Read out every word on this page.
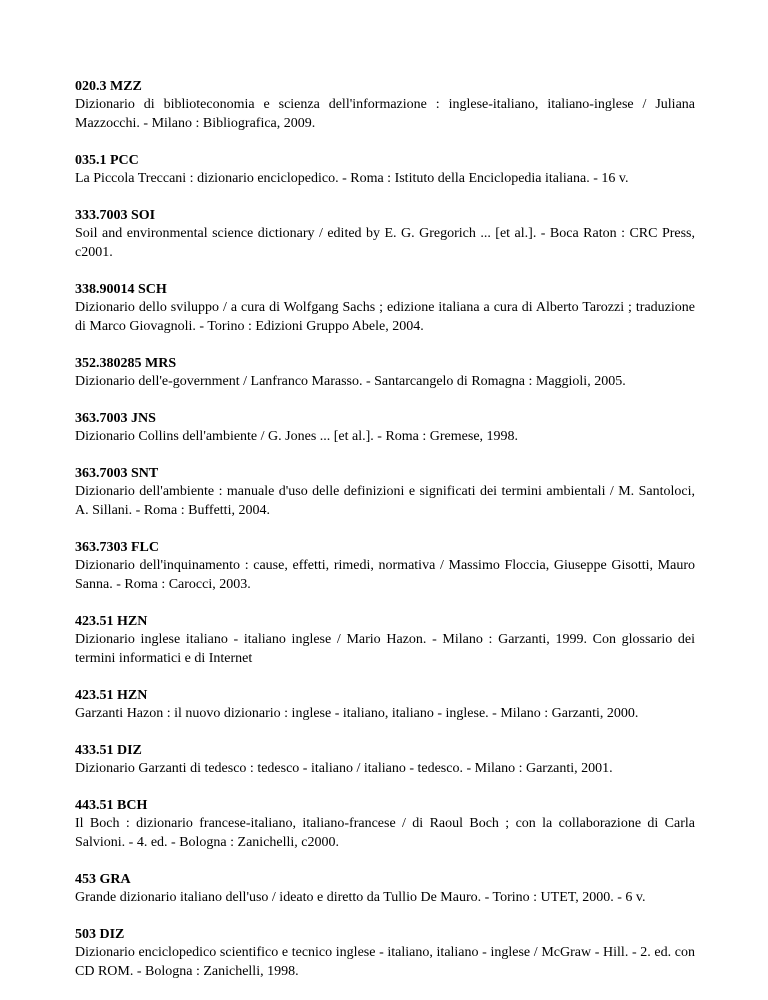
020.3 MZZ
Dizionario di biblioteconomia e scienza dell'informazione : inglese-italiano, italiano-inglese / Juliana Mazzocchi. - Milano : Bibliografica, 2009.
035.1 PCC
La Piccola Treccani : dizionario enciclopedico. - Roma : Istituto della Enciclopedia italiana. - 16 v.
333.7003 SOI
Soil and environmental science dictionary / edited by E. G. Gregorich ... [et al.]. - Boca Raton : CRC Press, c2001.
338.90014 SCH
Dizionario dello sviluppo / a cura di Wolfgang Sachs ; edizione italiana a cura di Alberto Tarozzi ; traduzione di Marco Giovagnoli. - Torino : Edizioni Gruppo Abele, 2004.
352.380285 MRS
Dizionario dell'e-government / Lanfranco Marasso. - Santarcangelo di Romagna : Maggioli, 2005.
363.7003 JNS
Dizionario Collins dell'ambiente / G. Jones ... [et al.]. - Roma : Gremese, 1998.
363.7003 SNT
Dizionario dell'ambiente : manuale d'uso delle definizioni e significati dei termini ambientali / M. Santoloci, A. Sillani. - Roma : Buffetti, 2004.
363.7303 FLC
Dizionario dell'inquinamento : cause, effetti, rimedi, normativa / Massimo Floccia, Giuseppe Gisotti, Mauro Sanna. - Roma : Carocci, 2003.
423.51 HZN
Dizionario inglese italiano - italiano inglese / Mario Hazon. - Milano : Garzanti, 1999. Con glossario dei termini informatici e di Internet
423.51 HZN
Garzanti Hazon : il nuovo dizionario : inglese - italiano, italiano - inglese. - Milano : Garzanti, 2000.
433.51 DIZ
Dizionario Garzanti di tedesco : tedesco - italiano / italiano - tedesco. - Milano : Garzanti, 2001.
443.51 BCH
Il Boch : dizionario francese-italiano, italiano-francese / di Raoul Boch ; con la collaborazione di Carla Salvioni. - 4. ed. - Bologna : Zanichelli, c2000.
453 GRA
Grande dizionario italiano dell'uso / ideato e diretto da Tullio De Mauro. - Torino : UTET, 2000. - 6 v.
503 DIZ
Dizionario enciclopedico scientifico e tecnico inglese - italiano, italiano - inglese / McGraw - Hill. - 2. ed. con CD ROM. - Bologna : Zanichelli, 1998.
